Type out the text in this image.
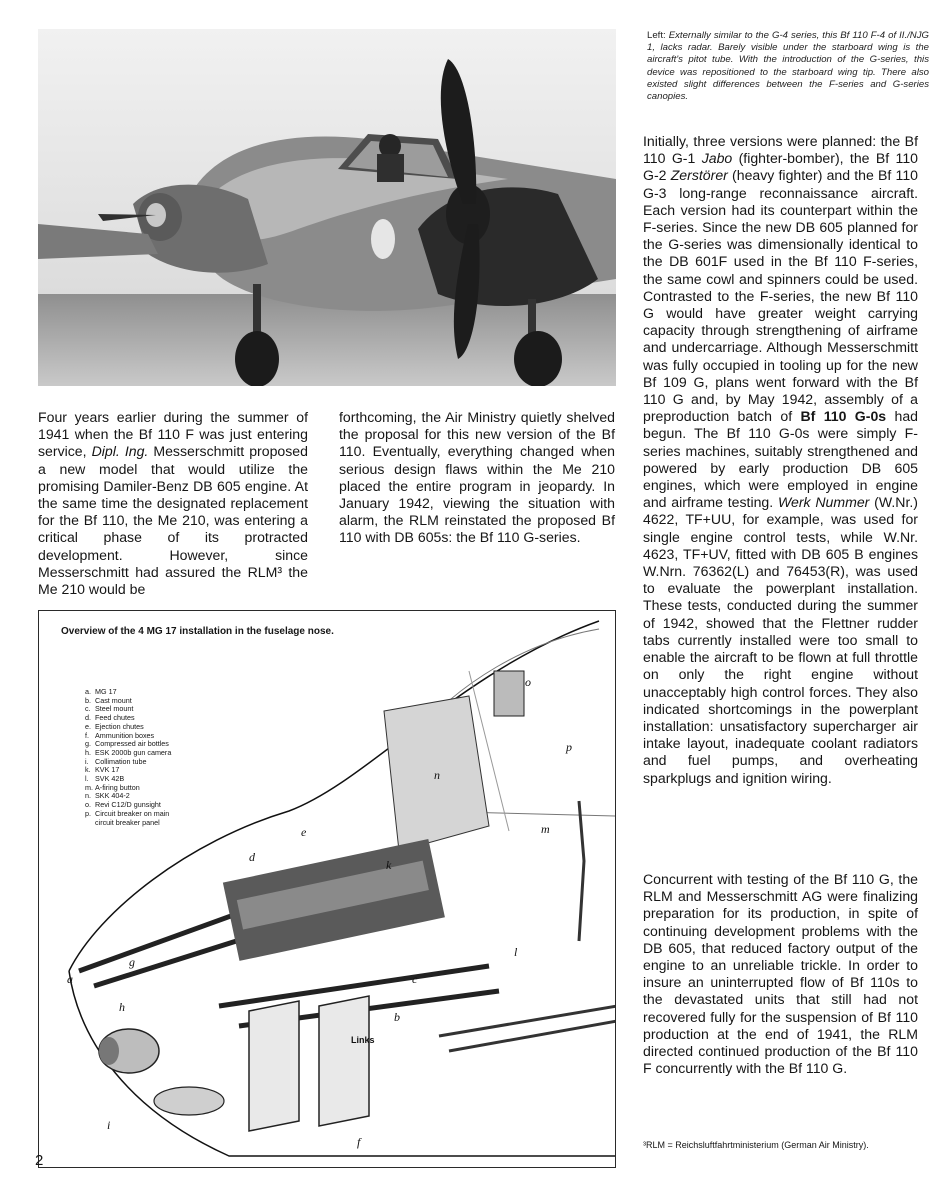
Left: Externally similar to the G-4 series, this Bf 110 F-4 of II./NJG 1, lacks radar. Barely visible under the starboard wing is the aircraft's pitot tube. With the introduction of the G-series, this device was repositioned to the starboard wing tip. There also existed slight differences between the F-series and G-series canopies.

Four years earlier during the summer of 1941 when the Bf 110 F was just entering service, Dipl. Ing. Messerschmitt proposed a new model that would utilize the promising Damiler-Benz DB 605 engine. At the same time the designated replacement for the Bf 110, the Me 210, was entering a critical phase of its protracted development. However, since Messerschmitt had assured the RLM³ the Me 210 would be

forthcoming, the Air Ministry quietly shelved the proposal for this new version of the Bf 110. Eventually, everything changed when serious design flaws within the Me 210 placed the entire program in jeopardy. In January 1942, viewing the situation with alarm, the RLM reinstated the proposed Bf 110 with DB 605s: the Bf 110 G-series.

Initially, three versions were planned: the Bf 110 G-1 Jabo (fighter-bomber), the Bf 110 G-2 Zerstörer (heavy fighter) and the Bf 110 G-3 long-range reconnaissance aircraft. Each version had its counterpart within the F-series. Since the new DB 605 planned for the G-series was dimensionally identical to the DB 601F used in the Bf 110 F-series, the same cowl and spinners could be used. Contrasted to the F-series, the new Bf 110 G would have greater weight carrying capacity through strengthening of airframe and undercarriage. Although Messerschmitt was fully occupied in tooling up for the new Bf 109 G, plans went forward with the Bf 110 G and, by May 1942, assembly of a preproduction batch of Bf 110 G-0s had begun. The Bf 110 G-0s were simply F-series machines, suitably strengthened and powered by early production DB 605 engines, which were employed in engine and airframe testing. Werk Nummer (W.Nr.) 4622, TF+UU, for example, was used for single engine control tests, while W.Nr. 4623, TF+UV, fitted with DB 605 B engines W.Nrn. 76362(L) and 76453(R), was used to evaluate the powerplant installation. These tests, conducted during the summer of 1942, showed that the Flettner rudder tabs currently installed were too small to enable the aircraft to be flown at full throttle on only the right engine without unacceptably high control forces. They also indicated shortcomings in the powerplant installation: unsatisfactory supercharger air intake layout, inadequate coolant radiators and fuel pumps, and overheating sparkplugs and ignition wiring.

Concurrent with testing of the Bf 110 G, the RLM and Messerschmitt AG were finalizing preparation for its production, in spite of continuing development problems with the DB 605, that reduced factory output of the engine to an unreliable trickle. In order to insure an uninterrupted flow of Bf 110s to the devastated units that still had not recovered fully for the suspension of Bf 110 production at the end of 1941, the RLM directed continued production of the Bf 110 F concurrently with the Bf 110 G.

Overview of the 4 MG 17 installation in the fuselage nose.

a. MG 17
b. Cast mount
c. Steel mount
d. Feed chutes
e. Ejection chutes
f. Ammunition boxes
g. Compressed air bottles
h. ESK 2000b gun camera
i. Collimation tube
k. KVK 17
l. SVK 42B
m. A-firing button
n. SKK 404-2
o. Revi C12/D gunsight
p. Circuit breaker on main
circuit breaker panel
a
b
c
d
e
f
g
h
i
k
l
m
n
o
p
Links

³RLM = Reichsluftfahrtministerium (German Air Ministry).

2
